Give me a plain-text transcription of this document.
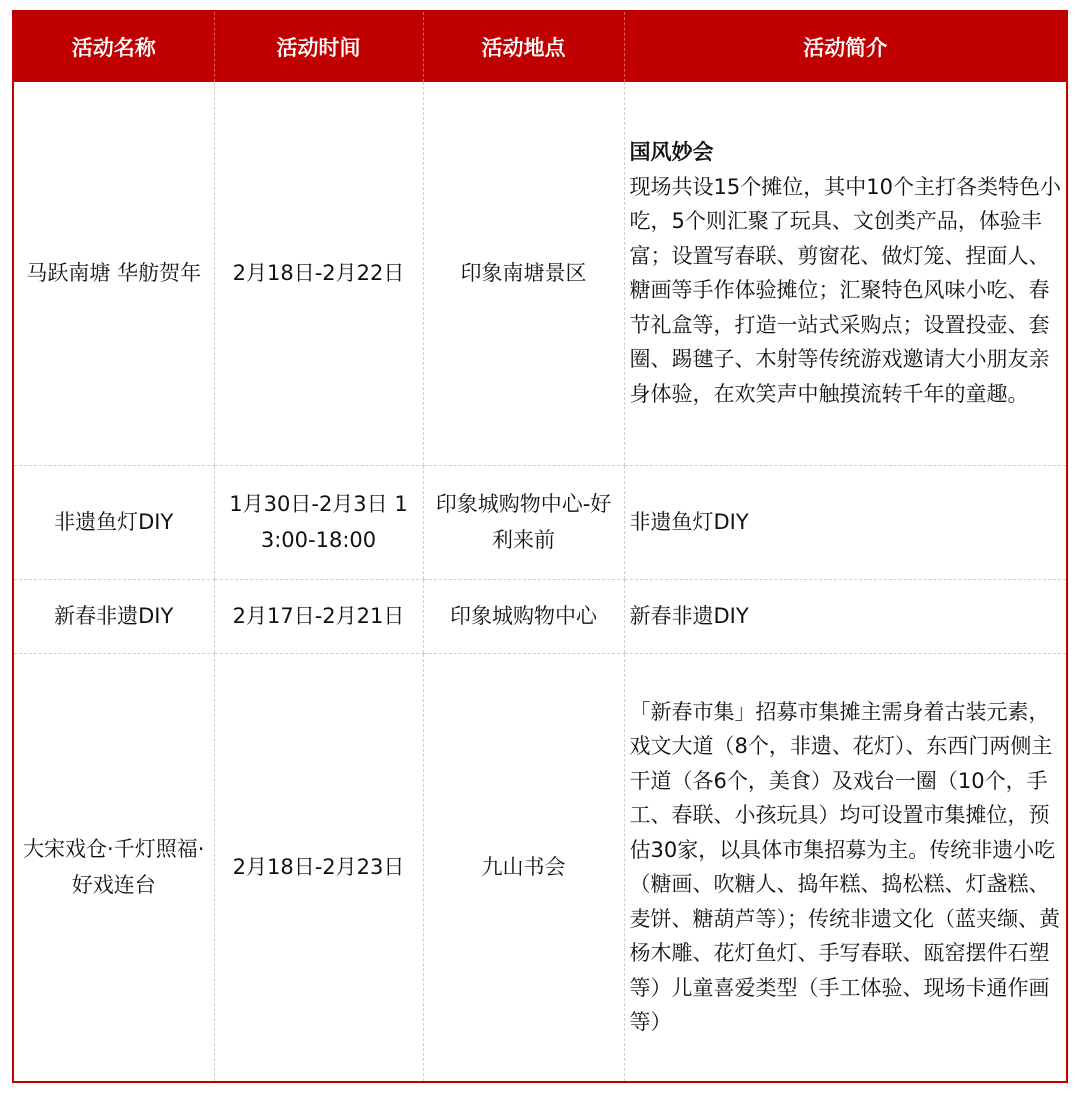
活动名称	活动时间	活动地点	活动简介
马跃南塘 华舫贺年	2月18日-2月22日	印象南塘景区	国风妙会
现场共设15个摊位，其中10个主打各类特色小吃，5个则汇聚了玩具、文创类产品，体验丰富；设置写春联、剪窗花、做灯笼、捏面人、糖画等手作体验摊位；汇聚特色风味小吃、春节礼盒等，打造一站式采购点；设置投壶、套圈、踢毽子、木射等传统游戏邀请大小朋友亲身体验，在欢笑声中触摸流转千年的童趣。

非遗鱼灯DIY	1月30日-2月3日 13:00-18:00	印象城购物中心-好利来前	非遗鱼灯DIY

新春非遗DIY	2月17日-2月21日	印象城购物中心	新春非遗DIY

大宋戏仓·千灯照福·好戏连台	2月18日-2月23日	九山书会	「新春市集」招募市集摊主需身着古装元素，戏文大道（8个，非遗、花灯）、东西门两侧主干道（各6个，美食）及戏台一圈（10个，手工、春联、小孩玩具）均可设置市集摊位，预估30家，以具体市集招募为主。传统非遗小吃（糖画、吹糖人、捣年糕、捣松糕、灯盏糕、麦饼、糖葫芦等）；传统非遗文化（蓝夹缬、黄杨木雕、花灯鱼灯、手写春联、瓯窑摆件石塑等）儿童喜爱类型（手工体验、现场卡通作画等）
